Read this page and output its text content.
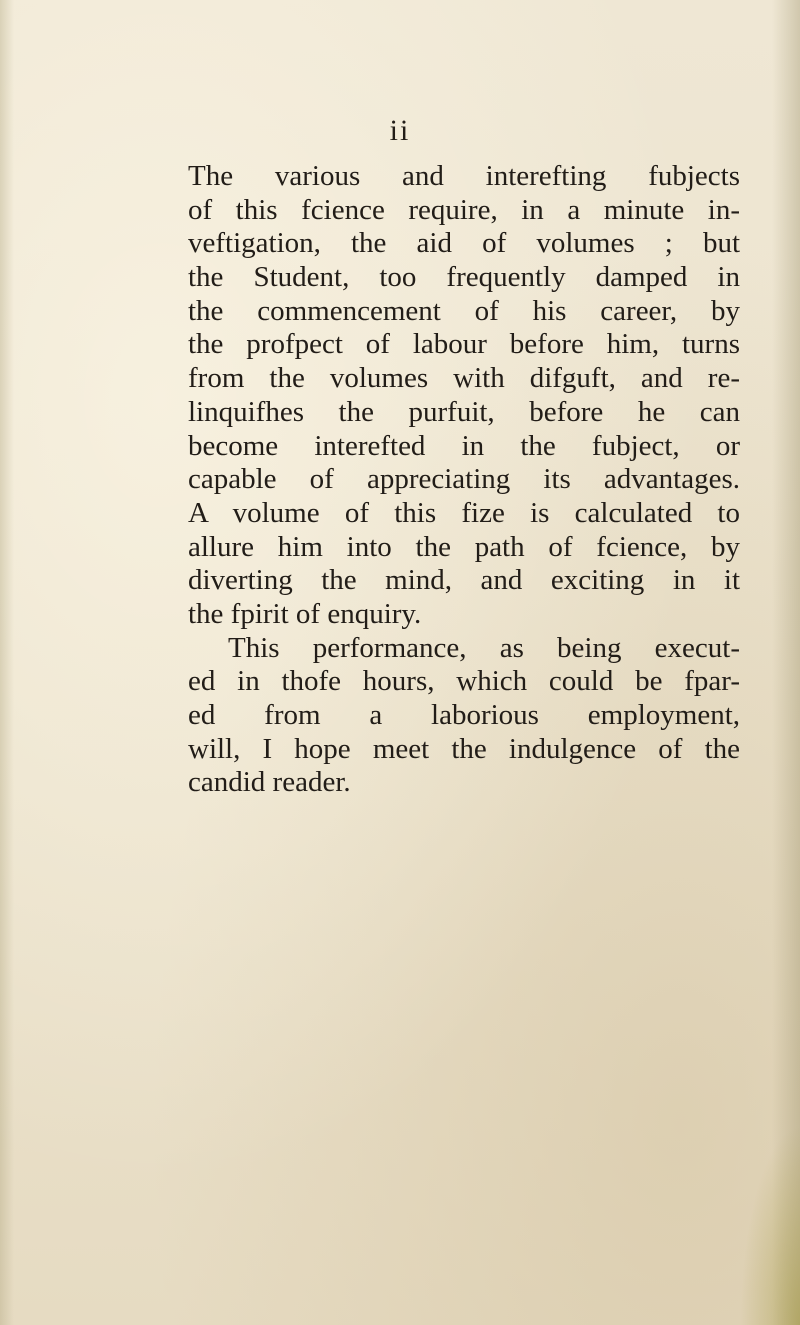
ii
The various and interefting fubjects
of this fcience require, in a minute in-
veftigation, the aid of volumes ; but
the Student, too frequently damped in
the commencement of his career, by
the profpect of labour before him, turns
from the volumes with difguft, and re-
linquifhes the purfuit, before he can
become interefted in the fubject, or
capable of appreciating its advantages.
A volume of this fize is calculated to
allure him into the path of fcience, by
diverting the mind, and exciting in it
the fpirit of enquiry.
This performance, as being execut-
ed in thofe hours, which could be fpar-
ed from a laborious employment,
will, I hope meet the indulgence of the
candid reader.
